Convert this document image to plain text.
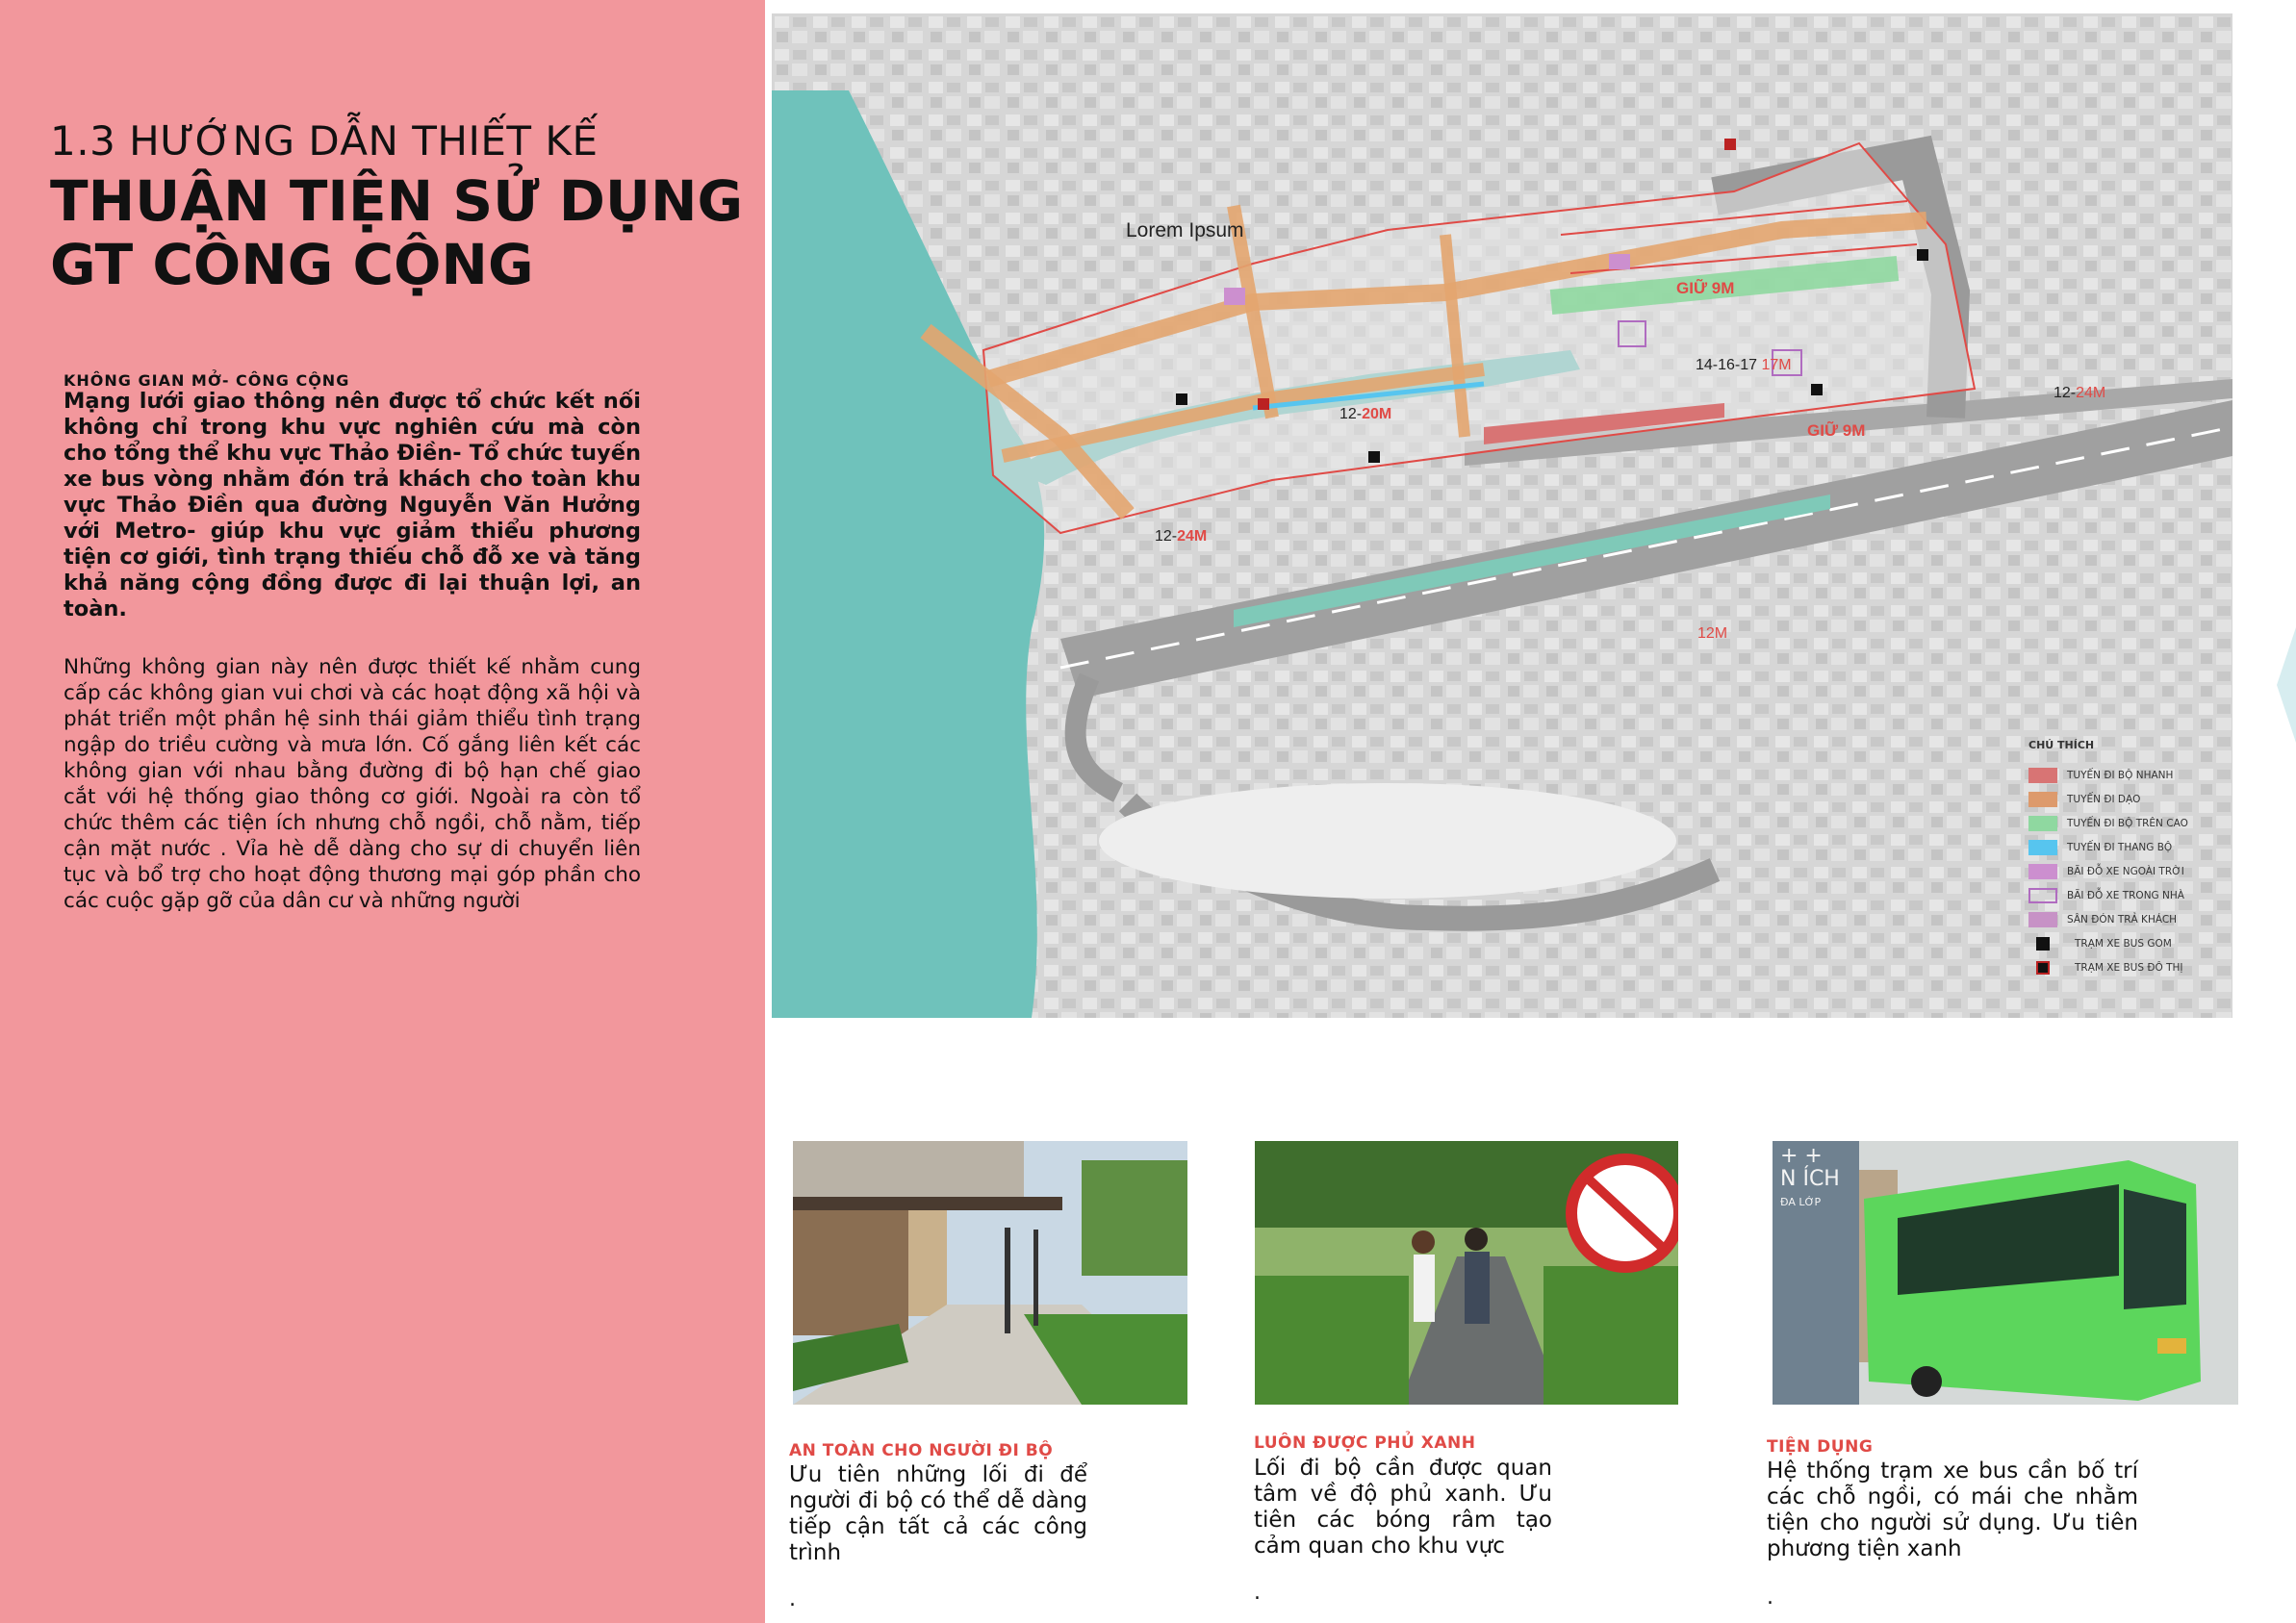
1.3 HƯỚNG DẪN THIẾT KẾ
THUẬN TIỆN SỬ DỤNG
GT CÔNG CỘNG
KHÔNG GIAN MỞ- CÔNG CỘNG
Mạng lưới giao thông nên được tổ chức kết nối không chỉ trong khu vực nghiên cứu mà còn cho tổng thể khu vực Thảo Điền- Tổ chức tuyến xe bus vòng nhằm đón trả khách cho toàn khu vực Thảo Điền qua đường Nguyễn Văn Hưởng với Metro- giúp khu vực giảm thiểu phương tiện cơ giới, tình trạng thiếu chỗ đỗ xe và tăng khả năng cộng đồng được đi lại thuận lợi, an toàn.
Những không gian này nên được thiết kế nhằm cung cấp các không gian vui chơi và các hoạt động xã hội và phát triển một phần hệ sinh thái giảm thiểu tình trạng ngập do triều cường và mưa lớn. Cố gắng liên kết các không gian với nhau bằng đường đi bộ hạn chế giao cắt với hệ thống giao thông cơ giới. Ngoài ra còn tổ chức thêm các tiện ích nhưng chỗ ngồi, chỗ nằm, tiếp cận mặt nước . Vỉa hè dễ dàng cho sự di chuyển liên tục và bổ trợ cho hoạt động thương mại góp phần cho các cuộc gặp gỡ của dân cư và những người
Lorem Ipsum
GIỮ 9M
14-16-17 17M
12-20M
GIỮ 9M
12-24M
12-24M
12M
CHÚ THÍCH
TUYẾN ĐI BỘ NHANH
TUYẾN ĐI DẠO
TUYẾN ĐI BỘ TRÊN CAO
TUYẾN ĐI THANG BỘ
BÃI ĐỖ XE NGOÀI TRỜI
BÃI ĐỖ XE TRONG NHÀ
SÂN ĐÓN TRẢ KHÁCH
TRẠM XE BUS GOM
TRẠM XE BUS ĐÔ THỊ
+ +
N ÍCH
ĐA LỚP
AN TOÀN CHO NGƯỜI ĐI BỘ
Ưu tiên những lối đi để người đi bộ có thể dễ dàng tiếp cận tất cả các công trình
.
LUÔN ĐƯỢC PHỦ XANH
Lối đi bộ cần được quan tâm về độ phủ xanh. Ưu tiên các bóng râm tạo cảm quan cho khu vực
.
TIỆN DỤNG
Hệ thống trạm xe bus cần bố trí các chỗ ngồi, có mái che nhằm tiện cho người sử dụng. Ưu tiên phương tiện xanh
.
